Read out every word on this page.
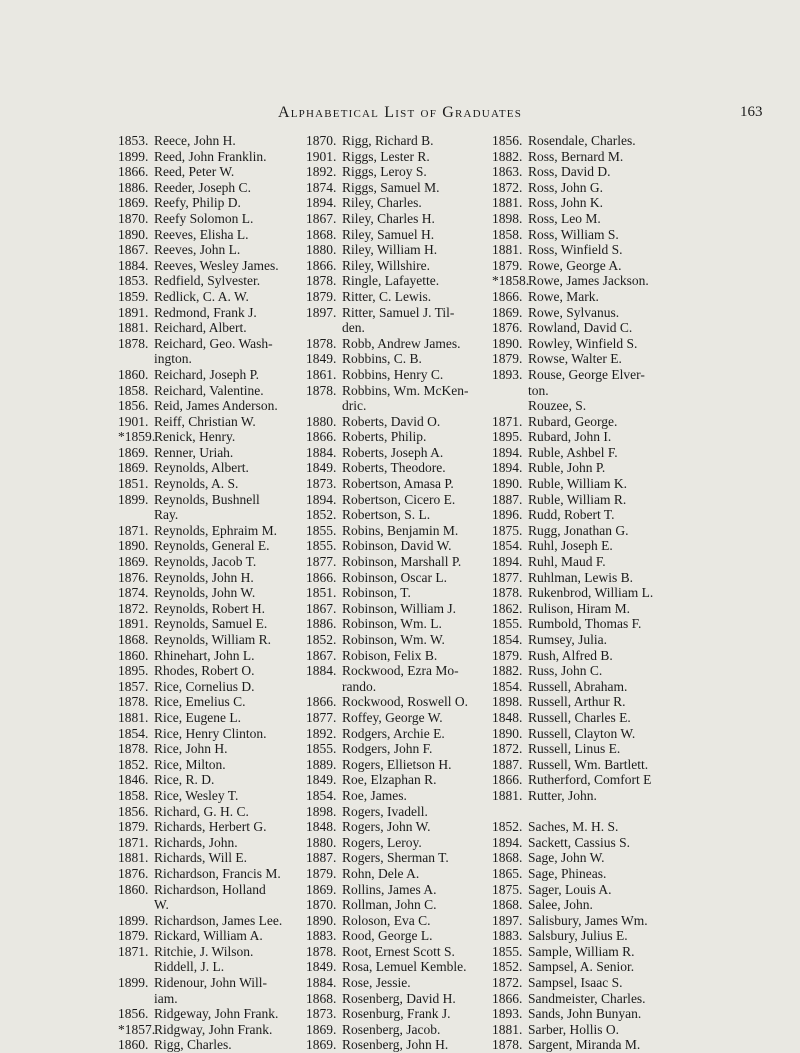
Alphabetical List of Graduates	163
1853. Reece, John H.
1899. Reed, John Franklin.
1866. Reed, Peter W.
1886. Reeder, Joseph C.
1869. Reefy, Philip D.
1870. Reefy Solomon L.
1890. Reeves, Elisha L.
1867. Reeves, John L.
1884. Reeves, Wesley James.
1853. Redfield, Sylvester.
1859. Redlick, C. A. W.
1891. Redmond, Frank J.
1881. Reichard, Albert.
1878. Reichard, Geo. Wash-
ington.
1860. Reichard, Joseph P.
1858. Reichard, Valentine.
1856. Reid, James Anderson.
1901. Reiff, Christian W.
*1859.
Renick, Henry.
1869. Renner, Uriah.
1869. Reynolds, Albert.
1851. Reynolds, A. S.
1899. Reynolds, Bushnell
Ray.
1871. Reynolds, Ephraim M.
1890. Reynolds, General E.
1869. Reynolds, Jacob T.
1876. Reynolds, John H.
1874. Reynolds, John W.
1872. Reynolds, Robert H.
1891. Reynolds, Samuel E.
1868. Reynolds, William R.
1860. Rhinehart, John L.
1895. Rhodes, Robert O.
1857. Rice, Cornelius D.
1878. Rice, Emelius C.
1881. Rice, Eugene L.
1854. Rice, Henry Clinton.
1878. Rice, John H.
1852. Rice, Milton.
1846. Rice, R. D.
1858. Rice, Wesley T.
1856. Richard, G. H. C.
1879. Richards, Herbert G.
1871. Richards, John.
1881. Richards, Will E.
1876. Richardson, Francis M.
1860. Richardson, Holland
W.
1899. Richardson, James Lee.
1879. Rickard, William A.
1871. Ritchie, J. Wilson.
Riddell, J. L.
1899. Ridenour, John Will-
iam.
1856. Ridgeway, John Frank.
*1857.
Ridgway, John Frank.
1860. Rigg, Charles.
1870. Rigg, Richard B.
1901. Riggs, Lester R.
1892. Riggs, Leroy S.
1874. Riggs, Samuel M.
1894. Riley, Charles.
1867. Riley, Charles H.
1868. Riley, Samuel H.
1880. Riley, William H.
1866. Riley, Willshire.
1878. Ringle, Lafayette.
1879. Ritter, C. Lewis.
1897. Ritter, Samuel J. Til-
den.
1878. Robb, Andrew James.
1849. Robbins, C. B.
1861. Robbins, Henry C.
1878. Robbins, Wm. McKen-
dric.
1880. Roberts, David O.
1866. Roberts, Philip.
1884. Roberts, Joseph A.
1849. Roberts, Theodore.
1873. Robertson, Amasa P.
1894. Robertson, Cicero E.
1852. Robertson, S. L.
1855. Robins, Benjamin M.
1855. Robinson, David W.
1877. Robinson, Marshall P.
1866. Robinson, Oscar L.
1851. Robinson, T.
1867. Robinson, William J.
1886. Robinson, Wm. L.
1852. Robinson, Wm. W.
1867. Robison, Felix B.
1884. Rockwood, Ezra Mo-
rando.
1866. Rockwood, Roswell O.
1877. Roffey, George W.
1892. Rodgers, Archie E.
1855. Rodgers, John F.
1889. Rogers, Ellietson H.
1849. Roe, Elzaphan R.
1854. Roe, James.
1898. Rogers, Ivadell.
1848. Rogers, John W.
1880. Rogers, Leroy.
1887. Rogers, Sherman T.
1879. Rohn, Dele A.
1869. Rollins, James A.
1870. Rollman, John C.
1890. Roloson, Eva C.
1883. Rood, George L.
1878. Root, Ernest Scott S.
1849. Rosa, Lemuel Kemble.
1884. Rose, Jessie.
1868. Rosenberg, David H.
1873. Rosenburg, Frank J.
1869. Rosenberg, Jacob.
1869. Rosenberg, John H.
1856. Rosendale, Charles.
1882. Ross, Bernard M.
1863. Ross, David D.
1872. Ross, John G.
1881. Ross, John K.
1898. Ross, Leo M.
1858. Ross, William S.
1881. Ross, Winfield S.
1879. Rowe, George A.
*1858.
Rowe, James Jackson.
1866. Rowe, Mark.
1869. Rowe, Sylvanus.
1876. Rowland, David C.
1890. Rowley, Winfield S.
1879. Rowse, Walter E.
1893. Rouse, George Elver-
ton.
Rouzee, S.
1871. Rubard, George.
1895. Rubard, John I.
1894. Ruble, Ashbel F.
1894. Ruble, John P.
1890. Ruble, William K.
1887. Ruble, William R.
1896. Rudd, Robert T.
1875. Rugg, Jonathan G.
1854. Ruhl, Joseph E.
1894. Ruhl, Maud F.
1877. Ruhlman, Lewis B.
1878. Rukenbrod, William L.
1862. Rulison, Hiram M.
1855. Rumbold, Thomas F.
1854. Rumsey, Julia.
1879. Rush, Alfred B.
1882. Russ, John C.
1854. Russell, Abraham.
1898. Russell, Arthur R.
1848. Russell, Charles E.
1890. Russell, Clayton W.
1872. Russell, Linus E.
1887. Russell, Wm. Bartlett.
1866. Rutherford, Comfort E
1881. Rutter, John.
1852. Saches, M. H. S.
1894. Sackett, Cassius S.
1868. Sage, John W.
1865. Sage, Phineas.
1875. Sager, Louis A.
1868. Salee, John.
1897. Salisbury, James Wm.
1883. Salsbury, Julius E.
1855. Sample, William R.
1852. Sampsel, A. Senior.
1872. Sampsel, Isaac S.
1866. Sandmeister, Charles.
1893. Sands, John Bunyan.
1881. Sarber, Hollis O.
1878. Sargent, Miranda M.
